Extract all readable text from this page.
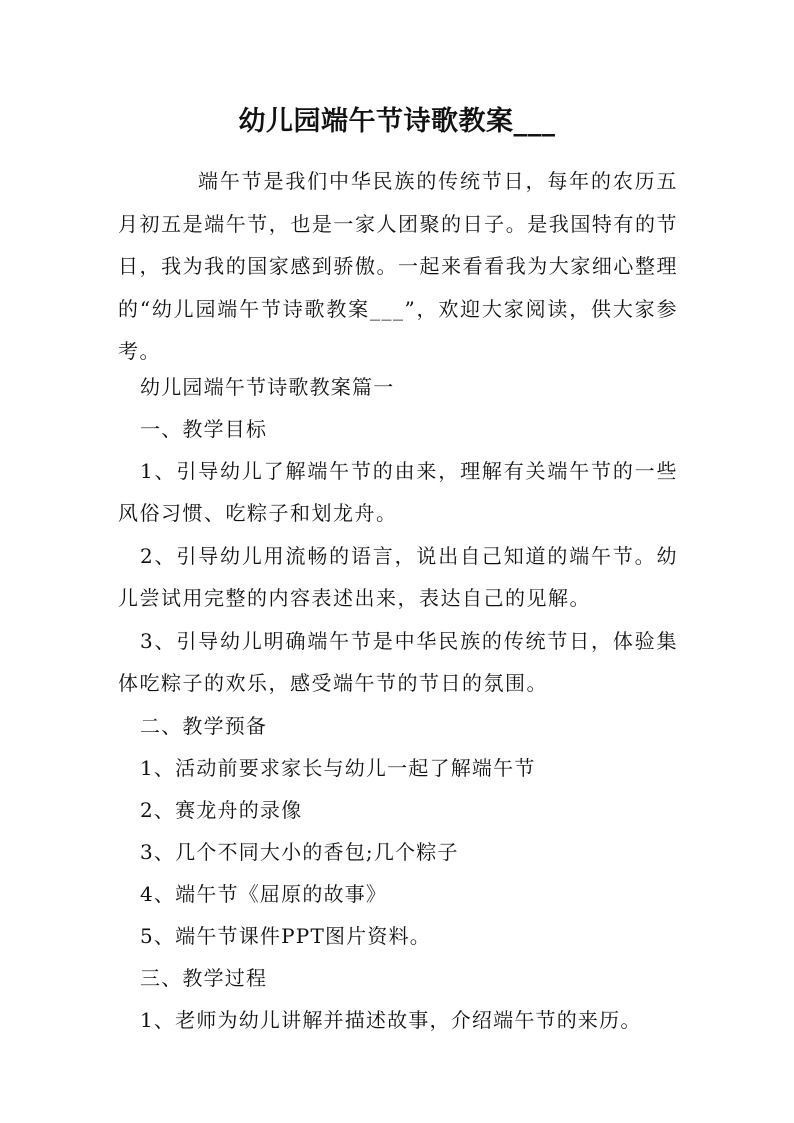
幼儿园端午节诗歌教案___

端午节是我们中华民族的传统节日，每年的农历五月初五是端午节，也是一家人团聚的日子。是我国特有的节日，我为我的国家感到骄傲。一起来看看我为大家细心整理的“幼儿园端午节诗歌教案___”，欢迎大家阅读，供大家参考。

幼儿园端午节诗歌教案篇一
一、教学目标

1、引导幼儿了解端午节的由来，理解有关端午节的一些风俗习惯、吃粽子和划龙舟。

2、引导幼儿用流畅的语言，说出自己知道的端午节。幼儿尝试用完整的内容表述出来，表达自己的见解。

3、引导幼儿明确端午节是中华民族的传统节日，体验集体吃粽子的欢乐，感受端午节的节日的氛围。

二、教学预备
1、活动前要求家长与幼儿一起了解端午节
2、赛龙舟的录像
3、几个不同大小的香包;几个粽子
4、端午节《屈原的故事》
5、端午节课件PPT图片资料。
三、教学过程
1、老师为幼儿讲解并描述故事，介绍端午节的来历。
